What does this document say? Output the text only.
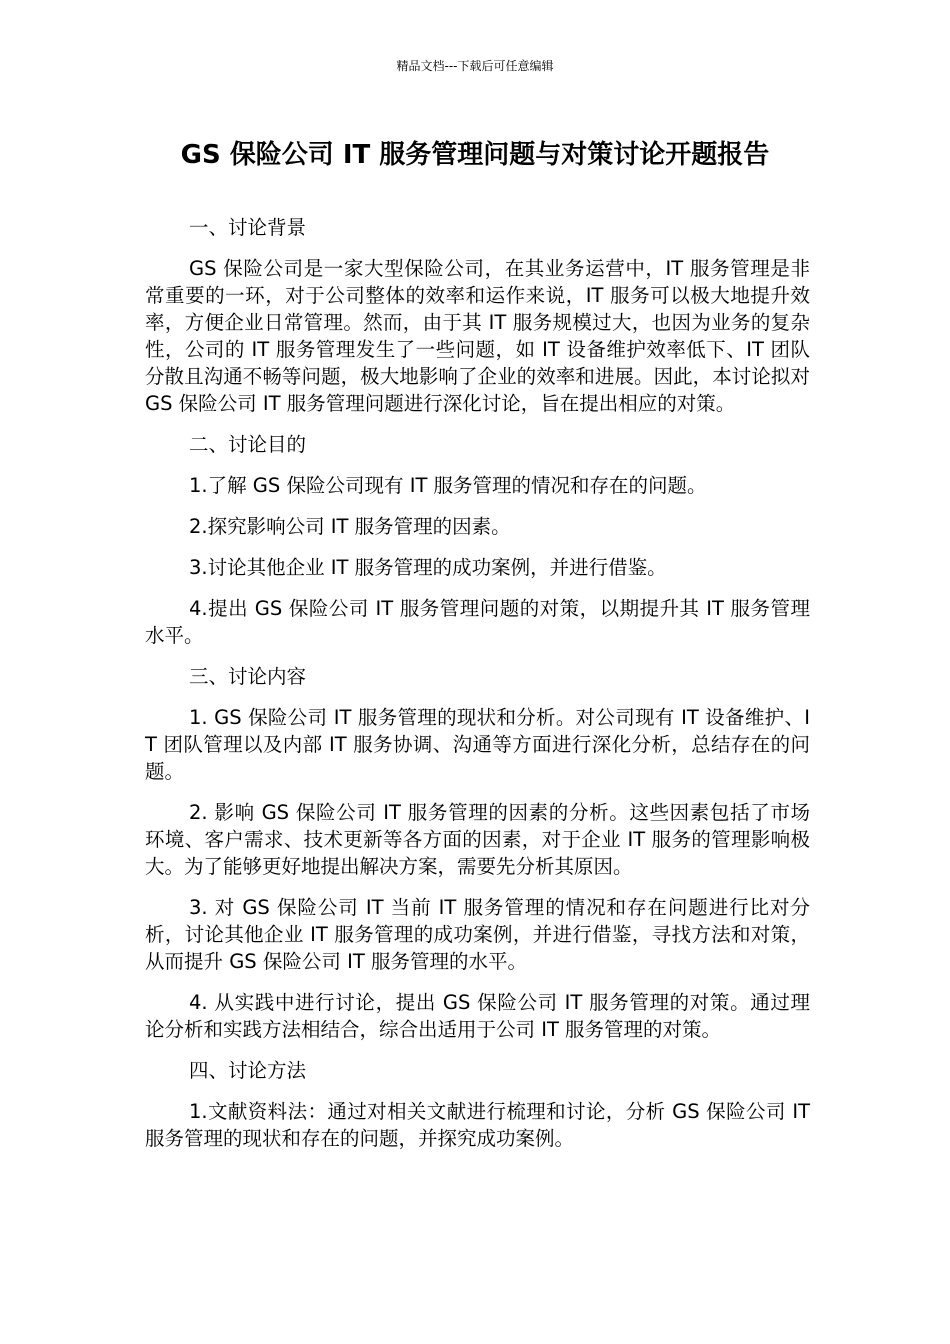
精品文档---下载后可任意编辑
GS 保险公司 IT 服务管理问题与对策讨论开题报告

一、讨论背景

GS 保险公司是一家大型保险公司，在其业务运营中，IT 服务管理是非常重要的一环，对于公司整体的效率和运作来说，IT 服务可以极大地提升效率，方便企业日常管理。然而，由于其 IT 服务规模过大，也因为业务的复杂性，公司的 IT 服务管理发生了一些问题，如 IT 设备维护效率低下、IT 团队分散且沟通不畅等问题，极大地影响了企业的效率和进展。因此，本讨论拟对 GS 保险公司 IT 服务管理问题进行深化讨论，旨在提出相应的对策。

二、讨论目的

1.了解 GS 保险公司现有 IT 服务管理的情况和存在的问题。

2.探究影响公司 IT 服务管理的因素。

3.讨论其他企业 IT 服务管理的成功案例，并进行借鉴。

4.提出 GS 保险公司 IT 服务管理问题的对策，以期提升其 IT 服务管理水平。

三、讨论内容

1. GS 保险公司 IT 服务管理的现状和分析。对公司现有 IT 设备维护、IT 团队管理以及内部 IT 服务协调、沟通等方面进行深化分析，总结存在的问题。

2. 影响 GS 保险公司 IT 服务管理的因素的分析。这些因素包括了市场环境、客户需求、技术更新等各方面的因素，对于企业 IT 服务的管理影响极大。为了能够更好地提出解决方案，需要先分析其原因。

3. 对 GS 保险公司 IT 当前 IT 服务管理的情况和存在问题进行比对分析，讨论其他企业 IT 服务管理的成功案例，并进行借鉴，寻找方法和对策，从而提升 GS 保险公司 IT 服务管理的水平。

4. 从实践中进行讨论，提出 GS 保险公司 IT 服务管理的对策。通过理论分析和实践方法相结合，综合出适用于公司 IT 服务管理的对策。

四、讨论方法

1.文献资料法：通过对相关文献进行梳理和讨论，分析 GS 保险公司 IT 服务管理的现状和存在的问题，并探究成功案例。
